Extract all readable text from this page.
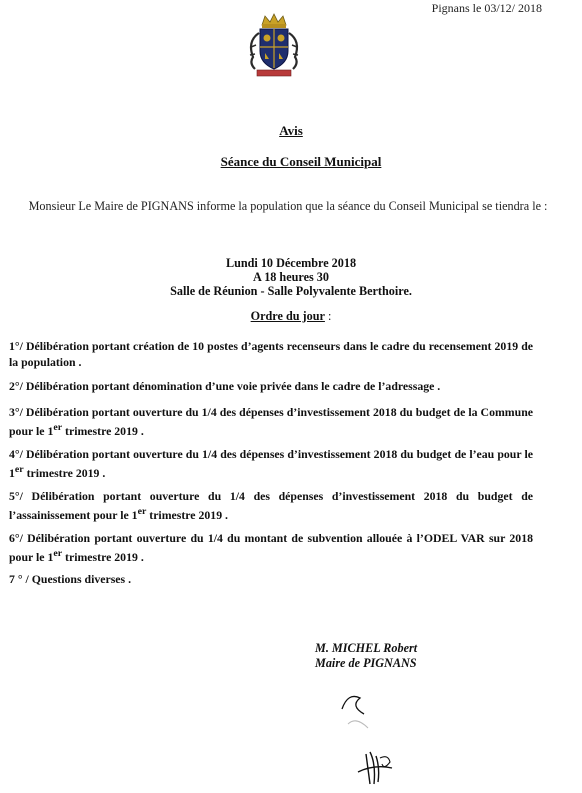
Pignans le 03/12/ 2018
Avis
Séance du Conseil Municipal
Monsieur Le Maire de PIGNANS informe la population que la séance du Conseil Municipal se tiendra le :
Lundi 10 Décembre 2018
A 18 heures 30
Salle de Réunion - Salle Polyvalente Berthoire.
Ordre du jour :
1°/ Délibération portant création de 10 postes d’agents recenseurs dans le cadre du recensement 2019 de la population .
2°/ Délibération portant dénomination d’une voie privée dans le cadre de l’adressage .
3°/ Délibération portant ouverture du 1/4 des dépenses d’investissement 2018 du budget de la Commune pour le 1er trimestre 2019 .
4°/ Délibération portant ouverture du 1/4 des dépenses d’investissement 2018 du budget de l’eau pour le 1er trimestre 2019 .
5°/ Délibération portant ouverture du 1/4 des dépenses d’investissement 2018 du budget de l’assainissement pour le 1er trimestre 2019 .
6°/ Délibération portant ouverture du 1/4 du montant de subvention allouée à l’ODEL VAR sur 2018 pour le 1er trimestre 2019 .
7 ° / Questions diverses .
M. MICHEL Robert
Maire de PIGNANS
